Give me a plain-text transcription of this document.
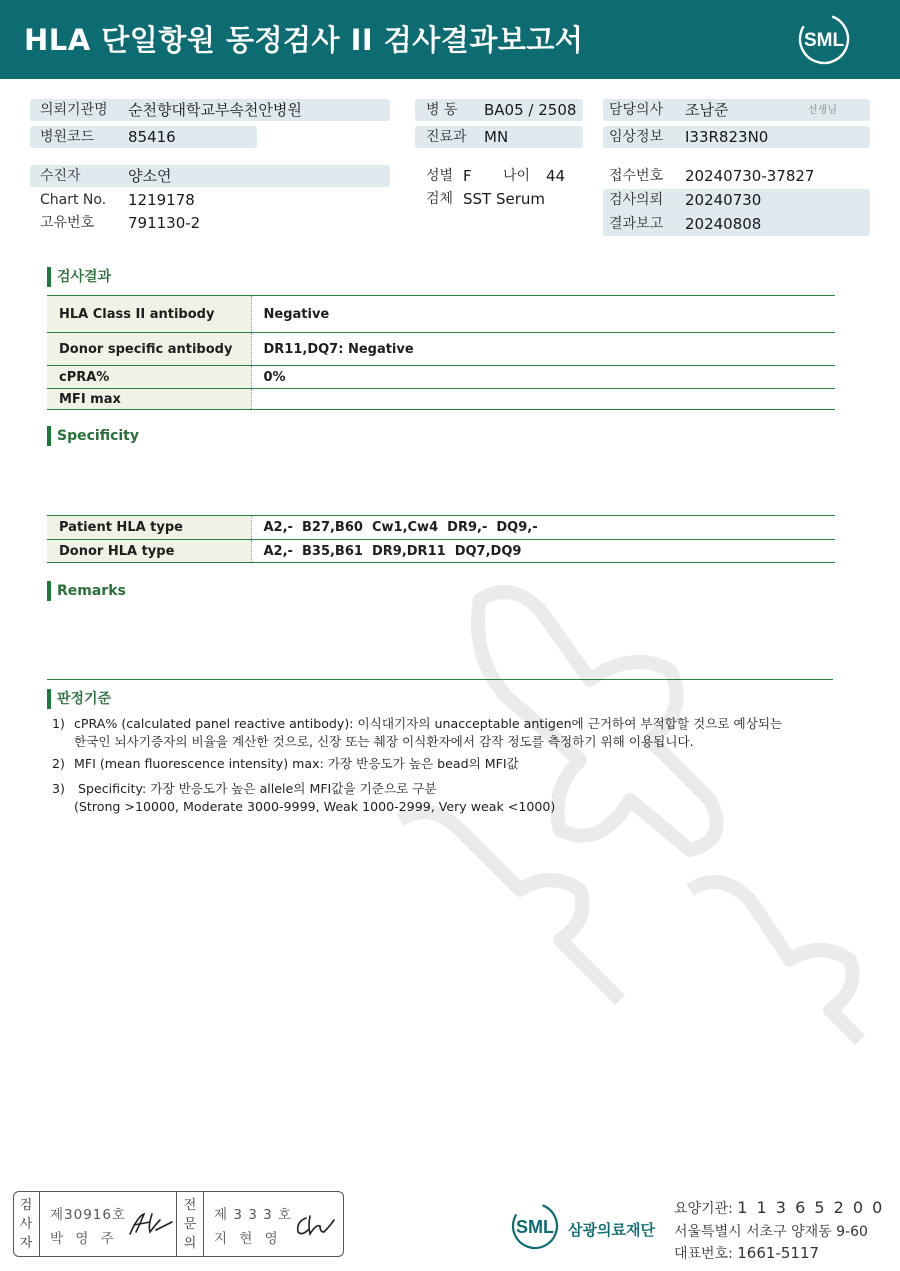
HLA 단일항원 동정검사 II 검사결과보고서	SML
의뢰기관명 순천향대학교부속천안병원	병 동 BA05 / 2508 담당의사 조남준	선생님
병원코드 85416	진료과 MN	임상정보 I33R823N0
수진자	양소연	성별 F 나이 44	접수번호 20240730-37827
Chart No. 1219178	검체 SST Serum	검사의뢰 20240730
고유번호 791130-2	결과보고 20240808
검사결과
HLA Class II antibody	Negative
Donor specific antibody	DR11,DQ7: Negative
cPRA%	0%
MFI max	
Specificity
Patient HLA type	A2,-  B27,B60  Cw1,Cw4  DR9,-  DQ9,-
Donor HLA type	A2,-  B35,B61  DR9,DR11  DQ7,DQ9
Remarks
판정기준
1) cPRA% (calculated panel reactive antibody): 이식대기자의 unacceptable antigen에 근거하여 부적합할 것으로 예상되는
한국인 뇌사기증자의 비율을 계산한 것으로, 신장 또는 췌장 이식환자에서 감작 정도를 측정하기 위해 이용됩니다.
2) MFI (mean fluorescence intensity) max: 가장 반응도가 높은 bead의 MFI값
3) Specificity: 가장 반응도가 높은 allele의 MFI값을 기준으로 구분
(Strong >10000, Moderate 3000-9999, Weak 1000-2999, Very weak <1000)
검
사
자
제30916호
박 영 주
전
문
의
제 3 3 3 호
지 현 영
SML 삼광의료재단
요양기관: 1 1 3 6 5 2 0 0
서울특별시 서초구 양재동 9-60
대표번호: 1661-5117
